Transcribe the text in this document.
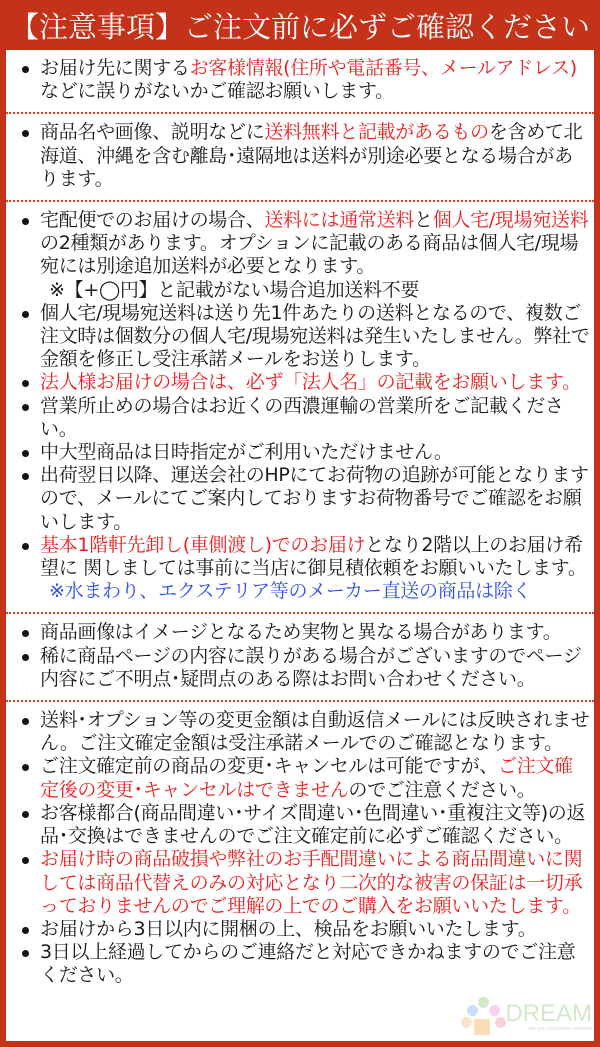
【注意事項】ご注文前に必ずご確認ください
お届け先に関するお客様情報(住所や電話番号、メールアドレス)などに誤りがないかご確認お願いします。
商品名や画像、説明などに送料無料と記載があるものを含めて北海道、沖縄を含む離島･遠隔地は送料が別途必要となる場合があります。
宅配便でのお届けの場合、送料には通常送料と個人宅/現場宛送料の2種類があります。オプションに記載のある商品は個人宅/現場宛には別途追加送料が必要となります。
※【+◯円】と記載がない場合追加送料不要
個人宅/現場宛送料は送り先1件あたりの送料となるので、複数ご注文時は個数分の個人宅/現場宛送料は発生いたしません。弊社で金額を修正し受注承諾メールをお送りします。
法人様お届けの場合は、必ず「法人名」の記載をお願いします。
営業所止めの場合はお近くの西濃運輸の営業所をご記載ください。
中大型商品は日時指定がご利用いただけません。
出荷翌日以降、運送会社のHPにてお荷物の追跡が可能となりますので、メールにてご案内しておりますお荷物番号でご確認をお願いします。
基本1階軒先卸し(車側渡し)でのお届けとなり2階以上のお届け希望に 関しましては事前に当店に御見積依頼をお願いいたします。
※水まわり、エクステリア等のメーカー直送の商品は除く
商品画像はイメージとなるため実物と異なる場合があります。
稀に商品ページの内容に誤りがある場合がございますのでページ内容にご不明点･疑問点のある際はお問い合わせください。
送料･オプション等の変更金額は自動返信メールには反映されません。ご注文確定金額は受注承諾メールでのご確認となります。
ご注文確定前の商品の変更･キャンセルは可能ですが、ご注文確定後の変更･キャンセルはできませんのでご注意ください。
お客様都合(商品間違い･サイズ間違い･色間違い･重複注文等)の返品･交換はできませんのでご注文確定前に必ずご確認ください。
お届け時の商品破損や弊社のお手配間違いによる商品間違いに関しては商品代替えのみの対応となり二次的な被害の保証は一切承っておりませんのでご理解の上でのご購入をお願いいたします。
お届けから3日以内に開梱の上、検品をお願いいたします。
3日以上経過してからのご連絡だと対応できかねますのでご注意ください。
DREAM
we are happiness makers
